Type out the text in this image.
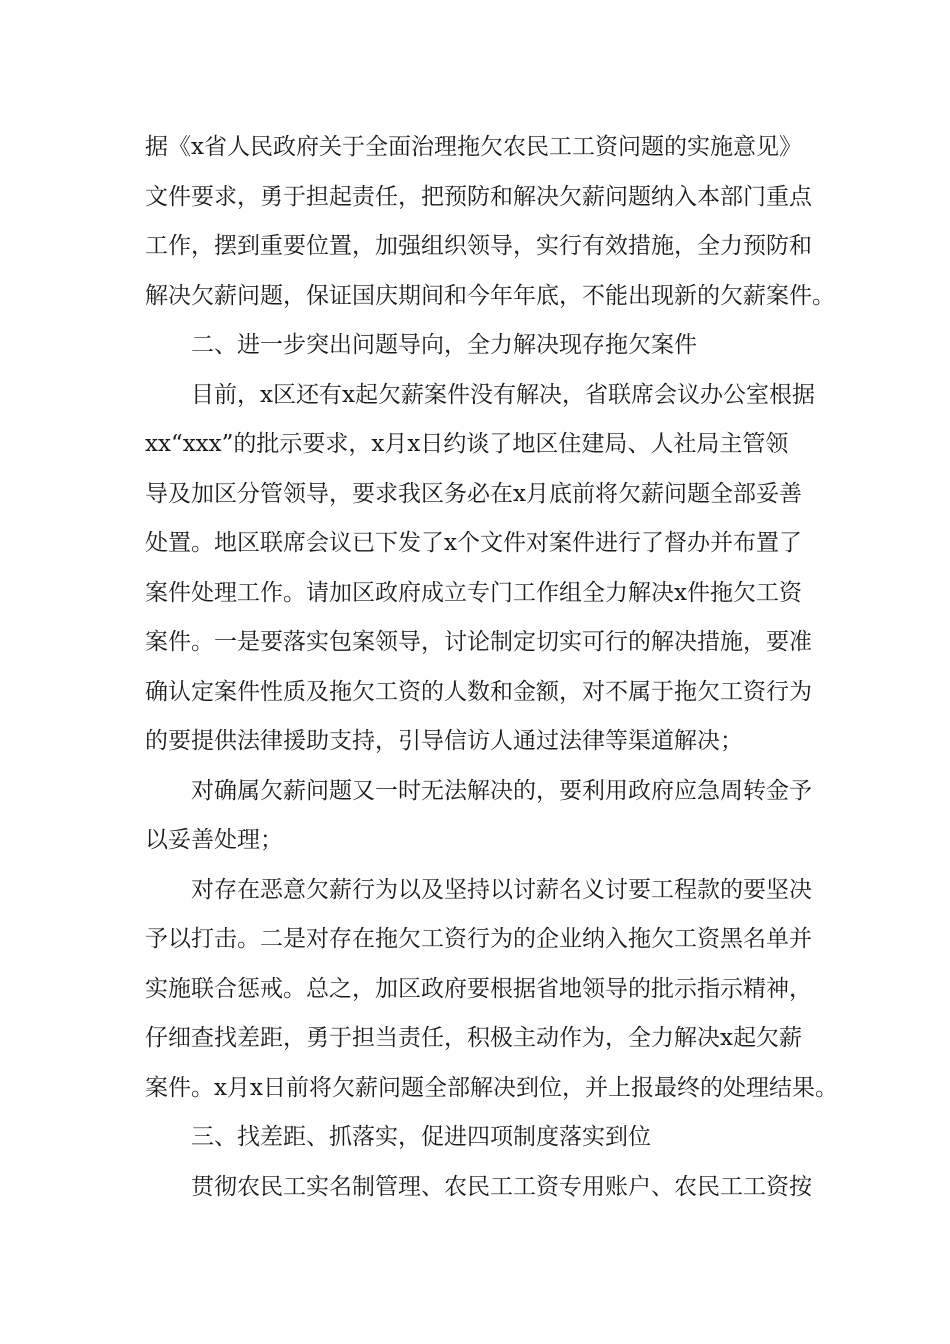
据《x省人民政府关于全面治理拖欠农民工工资问题的实施意见》
文件要求，勇于担起责任，把预防和解决欠薪问题纳入本部门重点
工作，摆到重要位置，加强组织领导，实行有效措施，全力预防和
解决欠薪问题，保证国庆期间和今年年底，不能出现新的欠薪案件。
二、进一步突出问题导向，全力解决现存拖欠案件
目前，x区还有x起欠薪案件没有解决，省联席会议办公室根据
xx“xxx”的批示要求，x月x日约谈了地区住建局、人社局主管领
导及加区分管领导，要求我区务必在x月底前将欠薪问题全部妥善
处置。地区联席会议已下发了x个文件对案件进行了督办并布置了
案件处理工作。请加区政府成立专门工作组全力解决x件拖欠工资
案件。一是要落实包案领导，讨论制定切实可行的解决措施，要准
确认定案件性质及拖欠工资的人数和金额，对不属于拖欠工资行为
的要提供法律援助支持，引导信访人通过法律等渠道解决；
对确属欠薪问题又一时无法解决的，要利用政府应急周转金予
以妥善处理；
对存在恶意欠薪行为以及坚持以讨薪名义讨要工程款的要坚决
予以打击。二是对存在拖欠工资行为的企业纳入拖欠工资黑名单并
实施联合惩戒。总之，加区政府要根据省地领导的批示指示精神，
仔细查找差距，勇于担当责任，积极主动作为，全力解决x起欠薪
案件。x月x日前将欠薪问题全部解决到位，并上报最终的处理结果。
三、找差距、抓落实，促进四项制度落实到位
贯彻农民工实名制管理、农民工工资专用账户、农民工工资按
